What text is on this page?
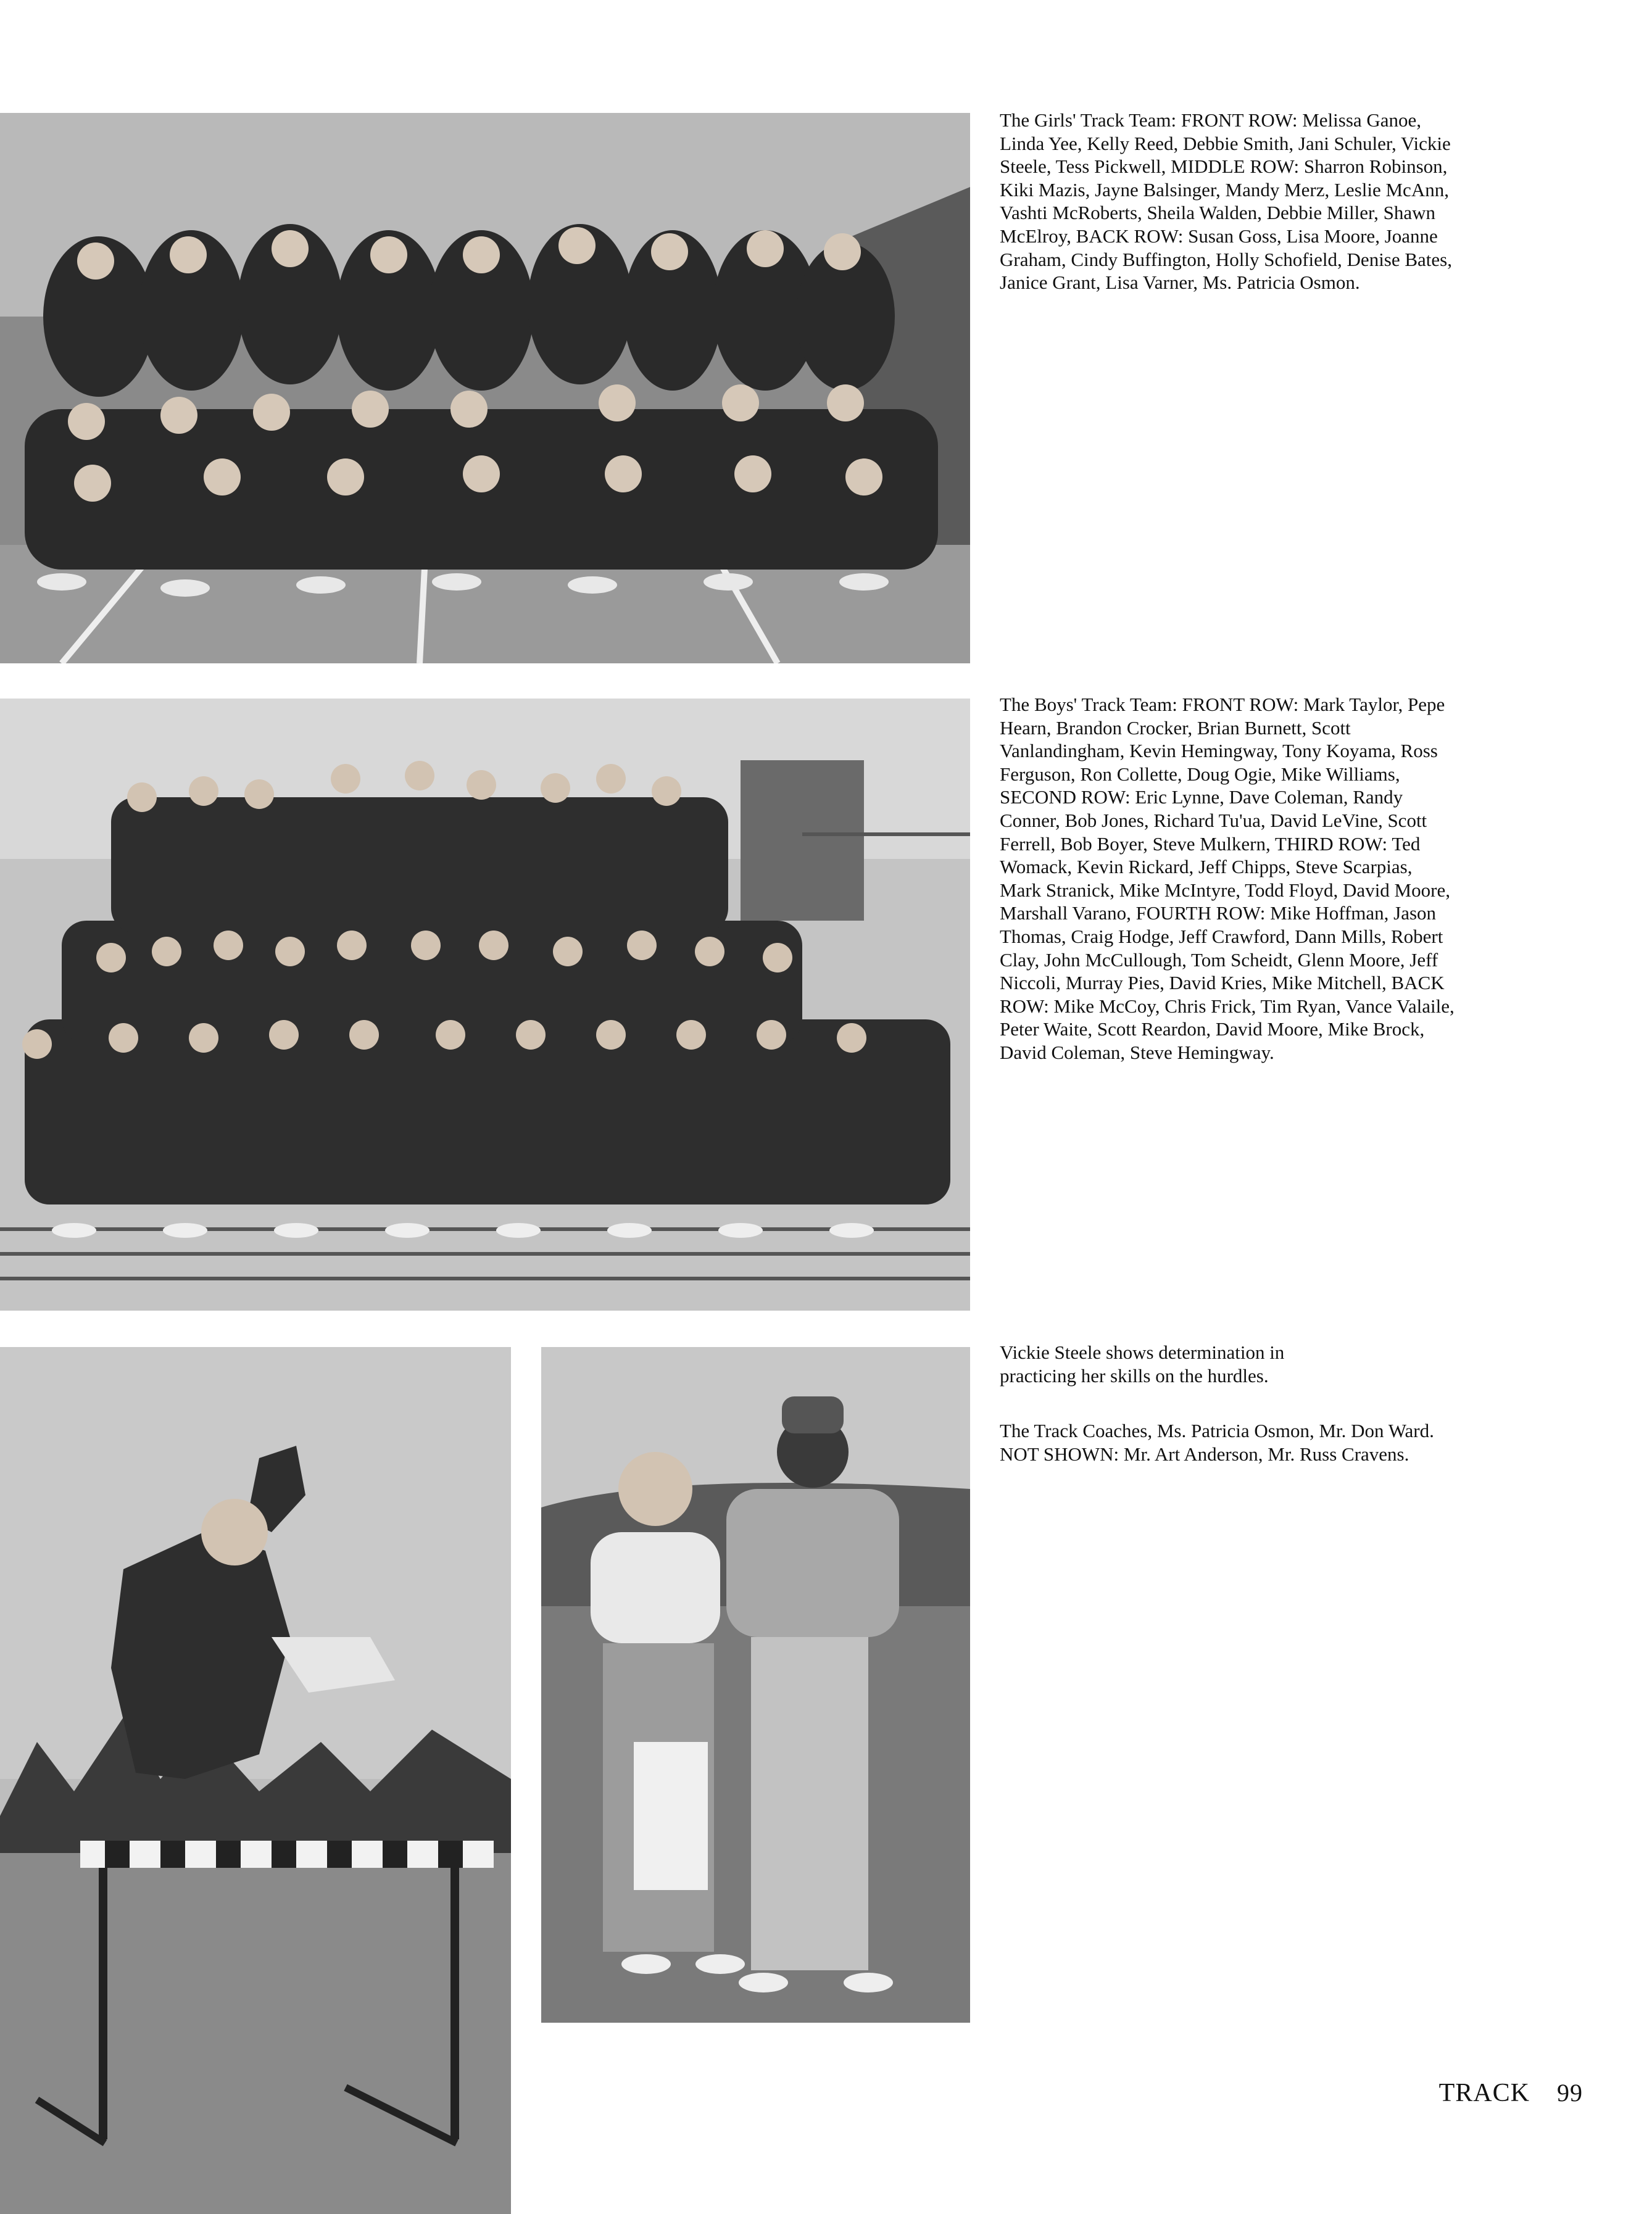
The Girls' Track Team: FRONT ROW: Melissa Ganoe, Linda Yee, Kelly Reed, Debbie Smith, Jani Schuler, Vickie Steele, Tess Pickwell, MIDDLE ROW: Sharron Robinson, Kiki Mazis, Jayne Balsinger, Mandy Merz, Leslie McAnn, Vashti McRoberts, Sheila Walden, Debbie Miller, Shawn McElroy, BACK ROW: Susan Goss, Lisa Moore, Joanne Graham, Cindy Buffington, Holly Schofield, Denise Bates, Janice Grant, Lisa Varner, Ms. Patricia Osmon.
The Boys' Track Team: FRONT ROW: Mark Taylor, Pepe Hearn, Brandon Crocker, Brian Burnett, Scott Vanlandingham, Kevin Hemingway, Tony Koyama, Ross Ferguson, Ron Collette, Doug Ogie, Mike Williams, SECOND ROW: Eric Lynne, Dave Coleman, Randy Conner, Bob Jones, Richard Tu'ua, David LeVine, Scott Ferrell, Bob Boyer, Steve Mulkern, THIRD ROW: Ted Womack, Kevin Rickard, Jeff Chipps, Steve Scarpias, Mark Stranick, Mike McIntyre, Todd Floyd, David Moore, Marshall Varano, FOURTH ROW: Mike Hoffman, Jason Thomas, Craig Hodge, Jeff Crawford, Dann Mills, Robert Clay, John McCullough, Tom Scheidt, Glenn Moore, Jeff Niccoli, Murray Pies, David Kries, Mike Mitchell, BACK ROW: Mike McCoy, Chris Frick, Tim Ryan, Vance Valaile, Peter Waite, Scott Reardon, David Moore, Mike Brock, David Coleman, Steve Hemingway.
Vickie Steele shows determination in practicing her skills on the hurdles.
The Track Coaches, Ms. Patricia Osmon, Mr. Don Ward. NOT SHOWN: Mr. Art Anderson, Mr. Russ Cravens.
TRACK 99
